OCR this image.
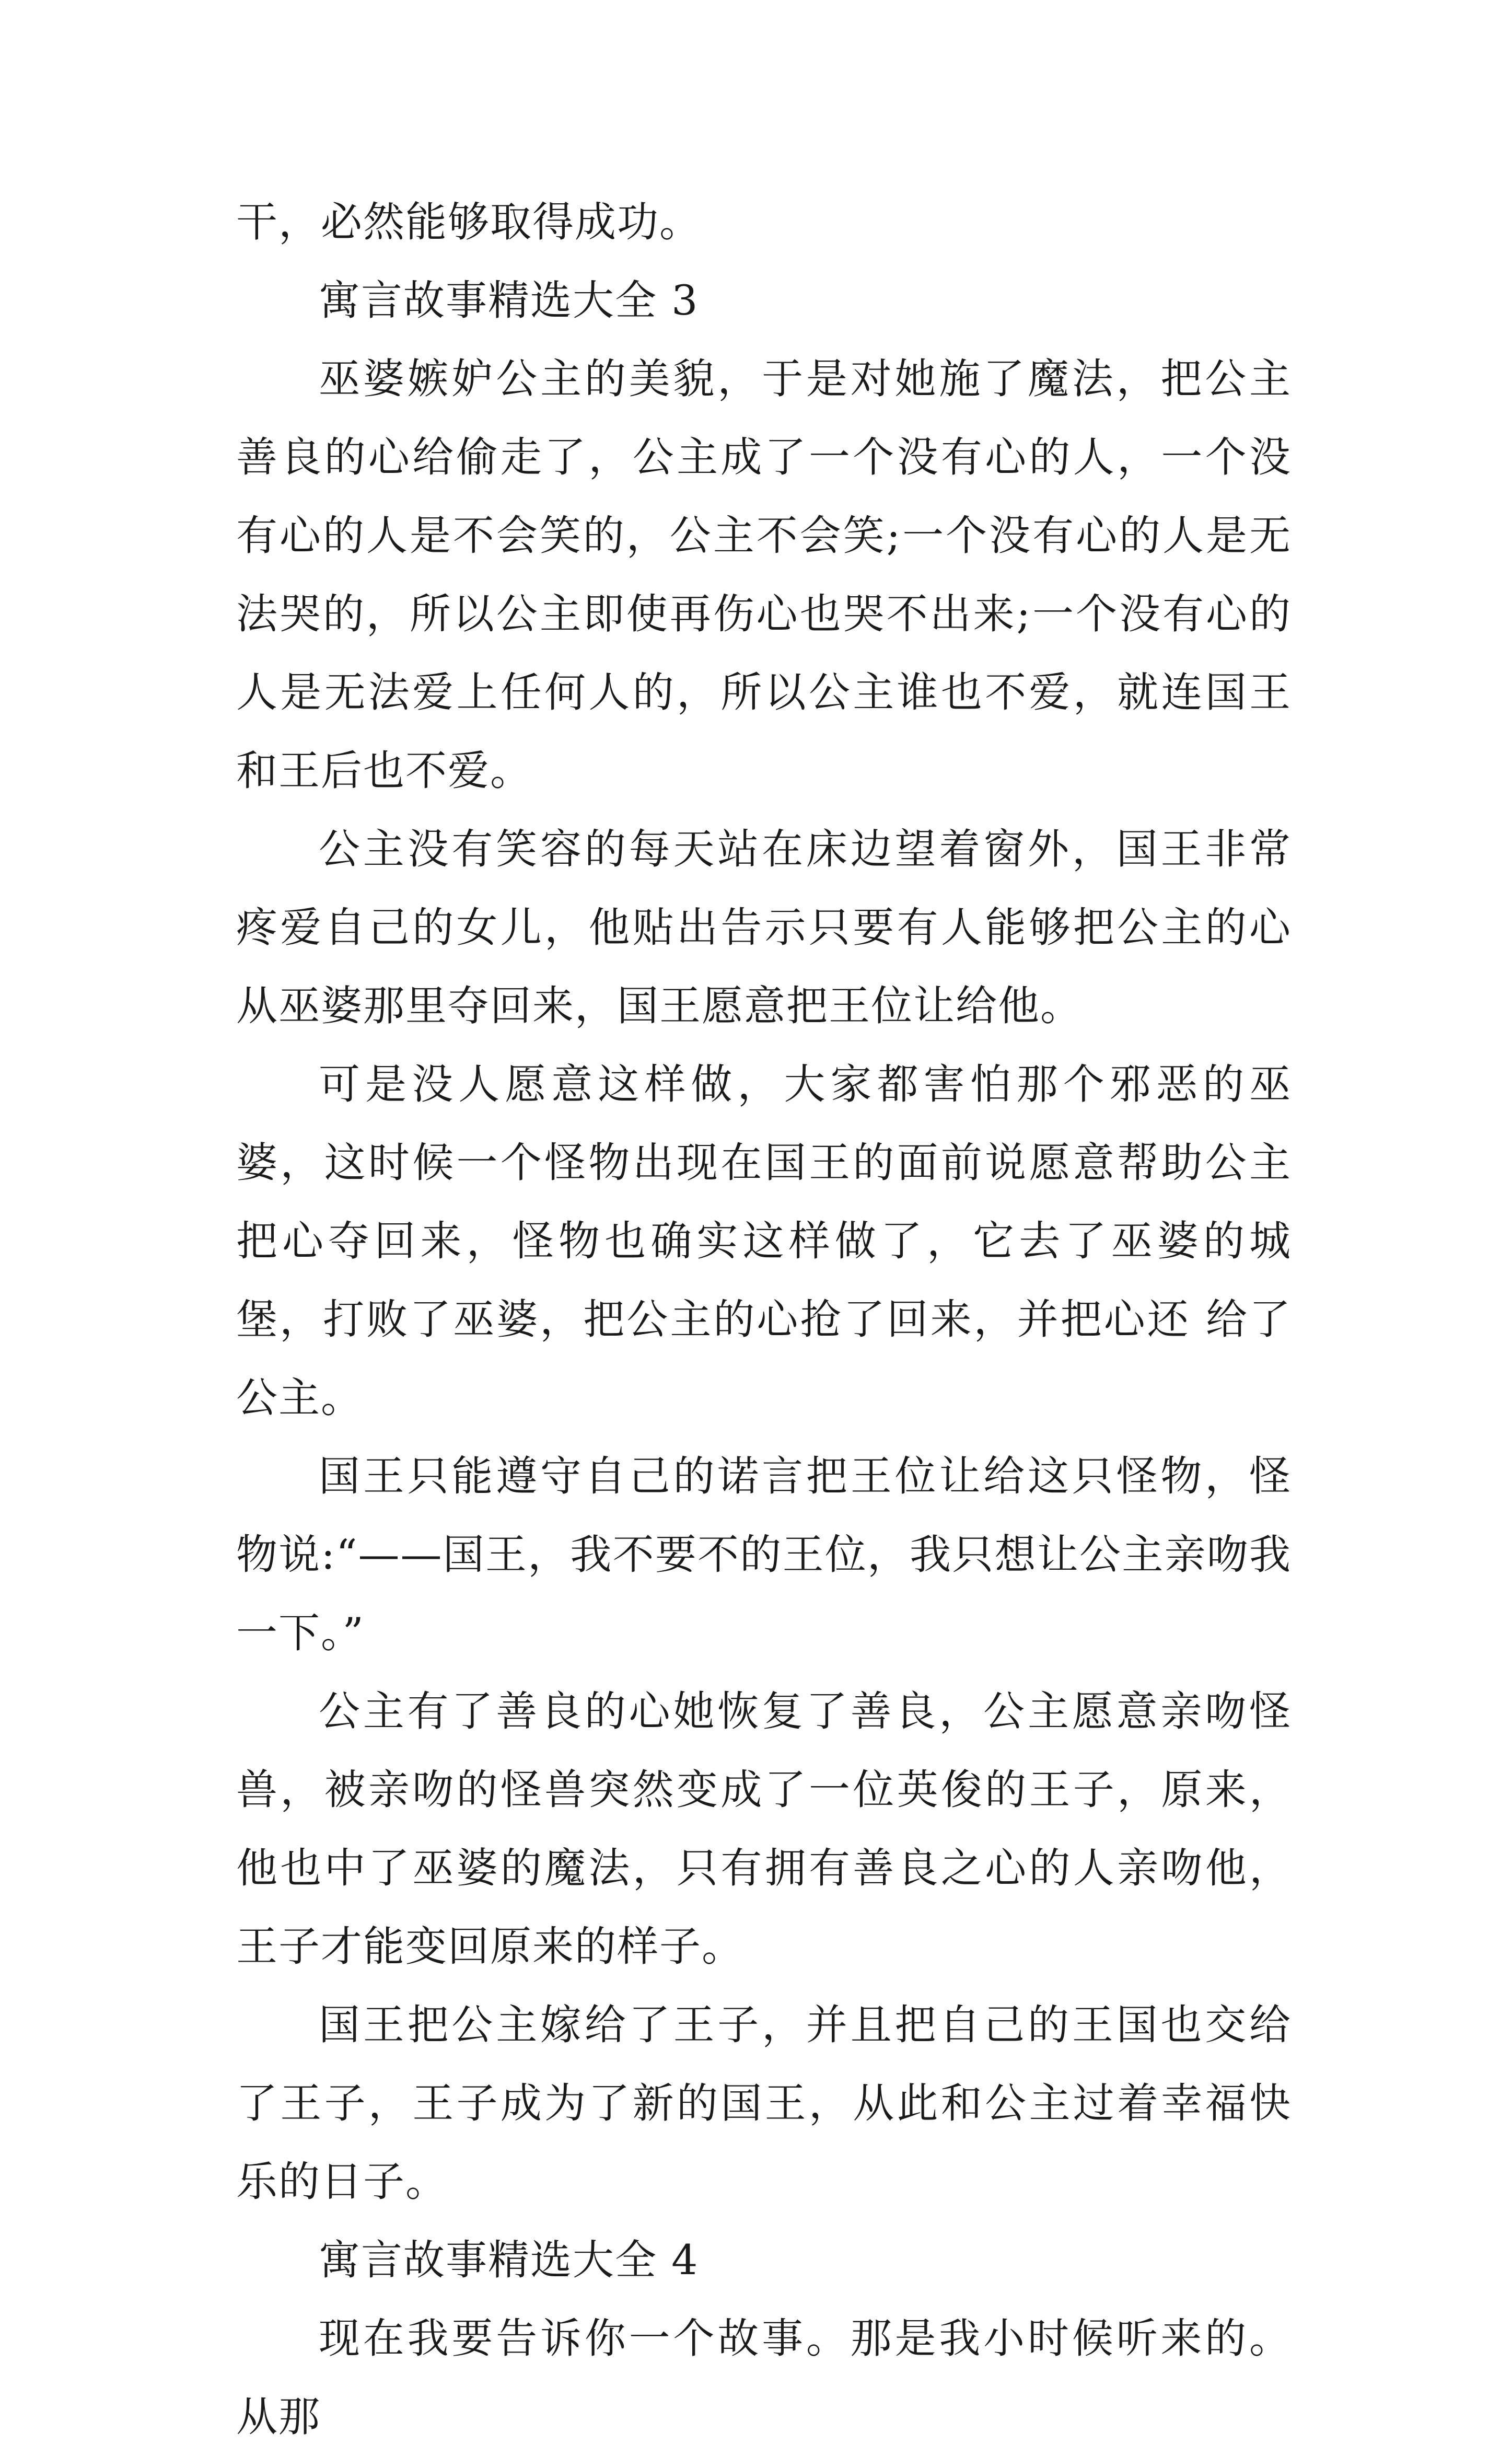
干，必然能够取得成功。

寓言故事精选大全 3

巫婆嫉妒公主的美貌，于是对她施了魔法，把公主善良的心给偷走了，公主成了一个没有心的人，一个没有心的人是不会笑的，公主不会笑;一个没有心的人是无法哭的，所以公主即使再伤心也哭不出来;一个没有心的人是无法爱上任何人的，所以公主谁也不爱，就连国王和王后也不爱。

公主没有笑容的每天站在床边望着窗外，国王非常疼爱自己的女儿，他贴出告示只要有人能够把公主的心从巫婆那里夺回来，国王愿意把王位让给他。

可是没人愿意这样做，大家都害怕那个邪恶的巫婆，这时候一个怪物出现在国王的面前说愿意帮助公主把心夺回来，怪物也确实这样做了，它去了巫婆的城堡，打败了巫婆，把公主的心抢了回来，并把心还 给了公主。

国王只能遵守自己的诺言把王位让给这只怪物，怪物说:“——国王，我不要不的王位，我只想让公主亲吻我一下。”

公主有了善良的心她恢复了善良，公主愿意亲吻怪兽，被亲吻的怪兽突然变成了一位英俊的王子，原来，他也中了巫婆的魔法，只有拥有善良之心的人亲吻他，王子才能变回原来的样子。

国王把公主嫁给了王子，并且把自己的王国也交给了王子，王子成为了新的国王，从此和公主过着幸福快乐的日子。

寓言故事精选大全 4

现在我要告诉你一个故事。那是我小时候听来的。从那
